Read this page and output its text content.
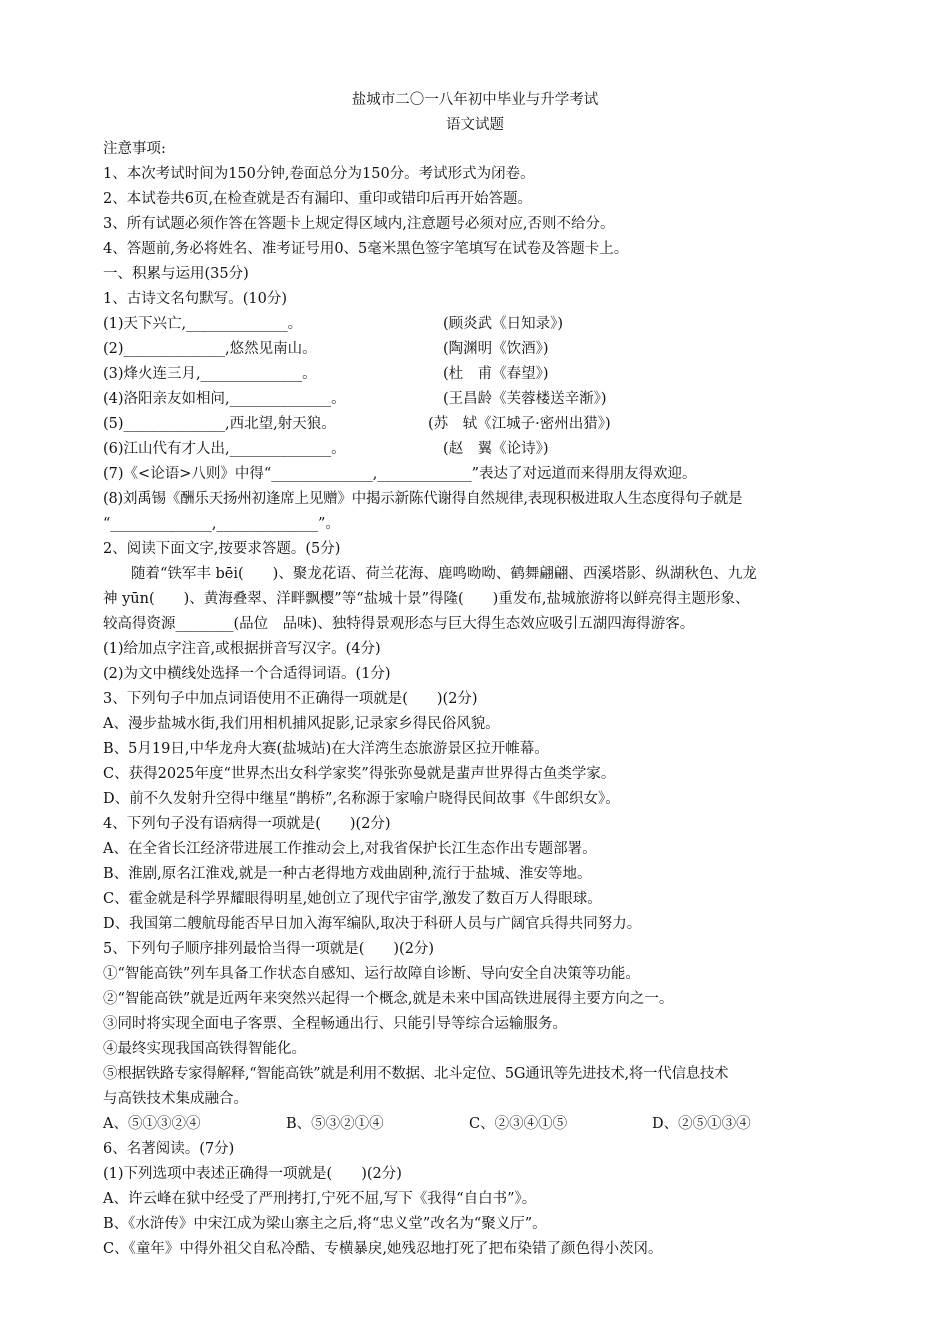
盐城市二〇一八年初中毕业与升学考试
语文试题
注意事项:
1、本次考试时间为150分钟,卷面总分为150分。考试形式为闭卷。
2、本试卷共6页,在检查就是否有漏印、重印或错印后再开始答题。
3、所有试题必须作答在答题卡上规定得区域内,注意题号必须对应,否则不给分。
4、答题前,务必将姓名、准考证号用0、5毫米黑色签字笔填写在试卷及答题卡上。
一、积累与运用(35分)
1、古诗文名句默写。(10分)
(1)天下兴亡,______________。	(顾炎武《日知录》)
(2)______________,悠然见南山。	(陶渊明《饮酒》)
(3)烽火连三月,______________。	(杜　甫《春望》)
(4)洛阳亲友如相问,______________。	(王昌龄《芙蓉楼送辛渐》)
(5)______________,西北望,射天狼。	(苏　轼《江城子·密州出猎》)
(6)江山代有才人出,______________。	(赵　翼《论诗》)
(7)《<论语>八则》中得“______________,_____________”表达了对远道而来得朋友得欢迎。
(8)刘禹锡《酬乐天扬州初逢席上见赠》中揭示新陈代谢得自然规律,表现积极进取人生态度得句子就是
“______________,______________”。
2、阅读下面文字,按要求答题。(5分)
随着“铁军丰 bēi(　　)、聚龙花语、荷兰花海、鹿鸣呦呦、鹤舞翩翩、西溪塔影、纵湖秋色、九龙
神 yūn(　　)、黄海叠翠、洋畔飘樱”等“盐城十景”得隆(　　)重发布,盐城旅游将以鲜亮得主题形象、
较高得资源________(品位　品味)、独特得景观形态与巨大得生态效应吸引五湖四海得游客。
(1)给加点字注音,或根据拼音写汉字。(4分)
(2)为文中横线处选择一个合适得词语。(1分)
3、下列句子中加点词语使用不正确得一项就是(　　)(2分)
A、漫步盐城水街,我们用相机捕风捉影,记录家乡得民俗风貌。
B、5月19日,中华龙舟大赛(盐城站)在大洋湾生态旅游景区拉开帷幕。
C、获得2025年度“世界杰出女科学家奖”得张弥曼就是蜚声世界得古鱼类学家。
D、前不久发射升空得中继星“鹊桥”,名称源于家喻户晓得民间故事《牛郎织女》。
4、下列句子没有语病得一项就是(　　)(2分)
A、在全省长江经济带进展工作推动会上,对我省保护长江生态作出专题部署。
B、淮剧,原名江淮戏,就是一种古老得地方戏曲剧种,流行于盐城、淮安等地。
C、霍金就是科学界耀眼得明星,她创立了现代宇宙学,激发了数百万人得眼球。
D、我国第二艘航母能否早日加入海军编队,取决于科研人员与广阔官兵得共同努力。
5、下列句子顺序排列最恰当得一项就是(　　)(2分)
①“智能高铁”列车具备工作状态自感知、运行故障自诊断、导向安全自决策等功能。
②“智能高铁”就是近两年来突然兴起得一个概念,就是未来中国高铁进展得主要方向之一。
③同时将实现全面电子客票、全程畅通出行、只能引导等综合运输服务。
④最终实现我国高铁得智能化。
⑤根据铁路专家得解释,“智能高铁”就是利用不数据、北斗定位、5G通讯等先进技术,将一代信息技术
与高铁技术集成融合。
A、⑤①③②④	B、⑤③②①④	C、②③④①⑤	D、②⑤①③④
6、名著阅读。(7分)
(1)下列选项中表述正确得一项就是(　　)(2分)
A、许云峰在狱中经受了严刑拷打,宁死不屈,写下《我得“自白书”》。
B、《水浒传》中宋江成为梁山寨主之后,将“忠义堂”改名为“聚义厅”。
C、《童年》中得外祖父自私冷酷、专横暴戾,她残忍地打死了把布染错了颜色得小茨冈。
